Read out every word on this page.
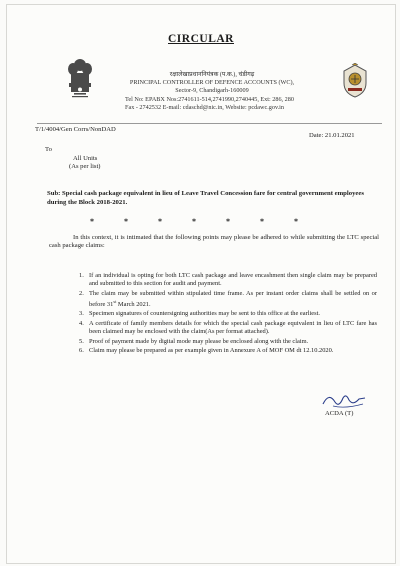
CIRCULAR
रक्षालेखाप्रधाननियंत्रक (प.क.), चंडीगढ़
PRINCIPAL CONTROLLER OF DEFENCE ACCOUNTS (WC),
Sector-9, Chandigarh-160009
Tel No: EPABX Nos:2741611-514,2741990,2740445, Ext: 286, 280
Fax - 2742532 E-mail: cdaschd@nic.in, Website: pcdawc.gov.in
T/1/4004/Gen Corrs/NonDAD
Date: 21.01.2021
To
All Units
(As per list)
Sub: Special cash package equivalent in lieu of Leave Travel Concession fare for central government employees during the Block 2018-2021.
* * * * * * *
In this context, it is intimated that the following points may please be adhered to while submitting the LTC special cash package claims:
1. If an individual is opting for both LTC cash package and leave encashment then single claim may be prepared and submitted to this section for audit and payment.
2. The claim may be submitted within stipulated time frame. As per instant order claims shall be settled on or before 31st March 2021.
3. Specimen signatures of countersigning authorities may be sent to this office at the earliest.
4. A certificate of family members details for which the special cash package equivalent in lieu of LTC fare has been claimed may be enclosed with the claim(As per format attached).
5. Proof of payment made by digital mode may please be enclosed along with the claim.
6. Claim may please be prepared as per example given in Annexure A of MOF OM dt 12.10.2020.
ACDA (T)
